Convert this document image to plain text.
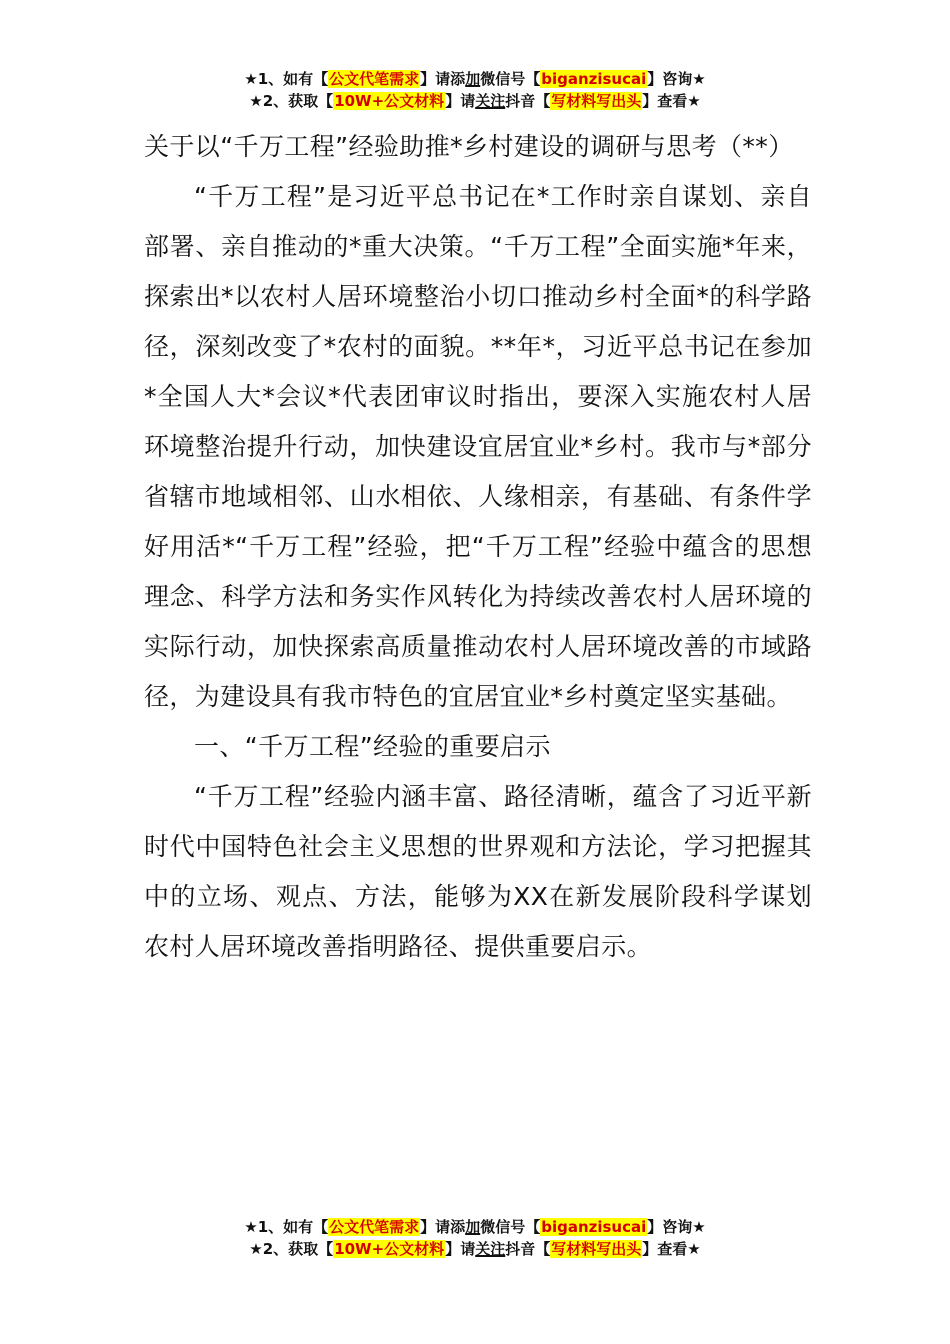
★1、如有【公文代笔需求】请添加微信号【biganzisucai】咨询★
★2、获取【10W+公文材料】请关注抖音【写材料写出头】查看★
关于以“千万工程”经验助推*乡村建设的调研与思考（**）

“千万工程”是习近平总书记在*工作时亲自谋划、亲自部署、亲自推动的*重大决策。“千万工程”全面实施*年来，探索出*以农村人居环境整治小切口推动乡村全面*的科学路径，深刻改变了*农村的面貌。**年*，习近平总书记在参加*全国人大*会议*代表团审议时指出，要深入实施农村人居环境整治提升行动，加快建设宜居宜业*乡村。我市与*部分省辖市地域相邻、山水相依、人缘相亲，有基础、有条件学好用活*“千万工程”经验，把“千万工程”经验中蕴含的思想理念、科学方法和务实作风转化为持续改善农村人居环境的实际行动，加快探索高质量推动农村人居环境改善的市域路径，为建设具有我市特色的宜居宜业*乡村奠定坚实基础。

一、“千万工程”经验的重要启示

“千万工程”经验内涵丰富、路径清晰，蕴含了习近平新时代中国特色社会主义思想的世界观和方法论，学习把握其中的立场、观点、方法，能够为XX在新发展阶段科学谋划农村人居环境改善指明路径、提供重要启示。

★1、如有【公文代笔需求】请添加微信号【biganzisucai】咨询★
★2、获取【10W+公文材料】请关注抖音【写材料写出头】查看★
